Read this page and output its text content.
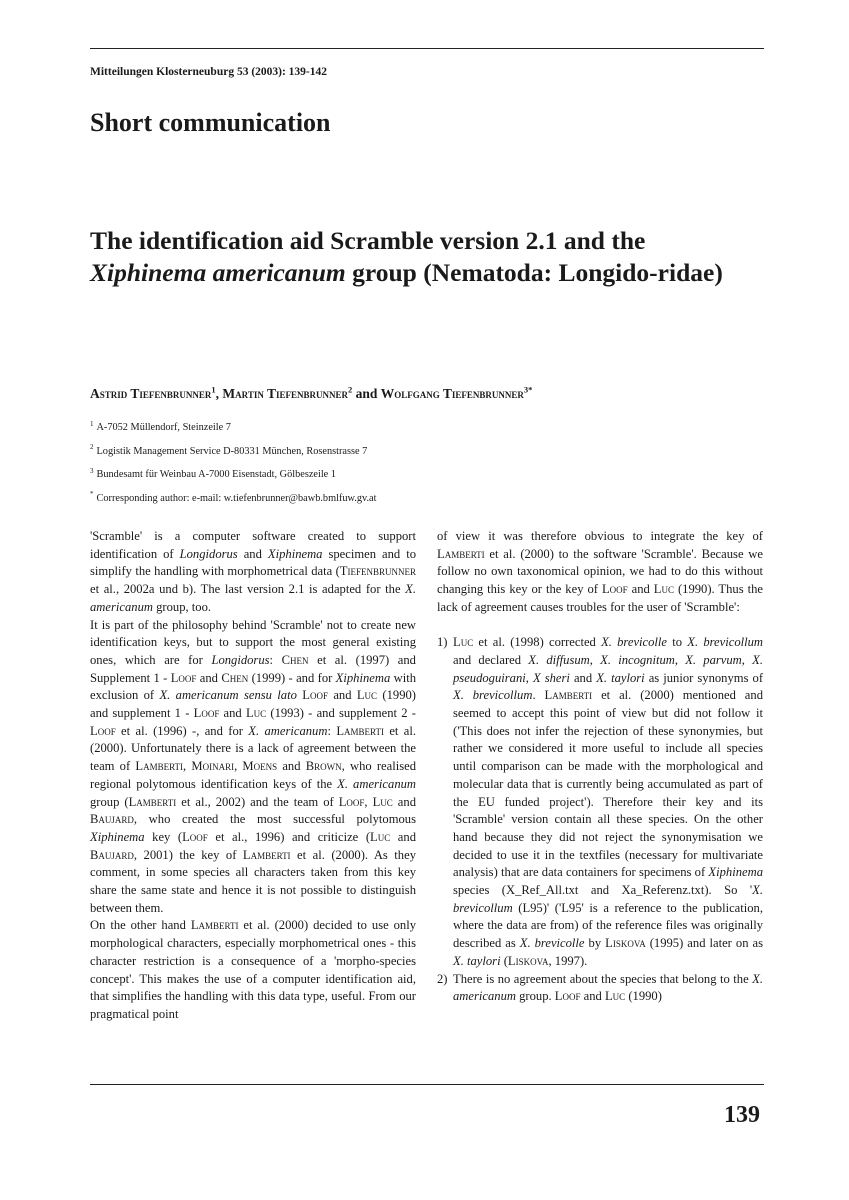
Mitteilungen Klosterneuburg 53 (2003): 139-142
Short communication
The identification aid Scramble version 2.1 and the Xiphinema americanum group (Nematoda: Longido-ridae)
Astrid Tiefenbrunner$^1$, Martin Tiefenbrunner$^2$ and Wolfgang Tiefenbrunner$^{3*}$
$^1$ A-7052 Müllendorf, Steinzeile 7
$^2$ Logistik Management Service D-80331 München, Rosenstrasse 7
$^3$ Bundesamt für Weinbau A-7000 Eisenstadt, Gölbeszeile 1
* Corresponding author: e-mail: w.tiefenbrunner@bawb.bmlfuw.gv.at

'Scramble' is a computer software created to support identification of Longidorus and Xiphinema specimen and to simplify the handling with morphometrical data (Tiefenbrunner et al., 2002a und b). The last version 2.1 is adapted for the X. americanum group, too.

It is part of the philosophy behind 'Scramble' not to create new identification keys, but to support the most general existing ones, which are for Longidorus: Chen et al. (1997) and Supplement 1 - Loof and Chen (1999) - and for Xiphinema with exclusion of X. americanum sensu lato Loof and Luc (1990) and supplement 1 - Loof and Luc (1993) - and supplement 2 - Loof et al. (1996) -, and for X. americanum: Lamberti et al. (2000). Unfortunately there is a lack of agreement between the team of Lamberti, Moinari, Moens and Brown, who realised regional polytomous identification keys of the X. americanum group (Lamberti et al., 2002) and the team of Loof, Luc and Baujard, who created the most successful polytomous Xiphinema key (Loof et al., 1996) and criticize (Luc and Baujard, 2001) the key of Lamberti et al. (2000). As they comment, in some species all characters taken from this key share the same state and hence it is not possible to distinguish between them.

On the other hand Lamberti et al. (2000) decided to use only morphological characters, especially morphometrical ones - this character restriction is a consequence of a 'morpho-species concept'. This makes the use of a computer identification aid, that simplifies the handling with this data type, useful. From our pragmatical point

of view it was therefore obvious to integrate the key of Lamberti et al. (2000) to the software 'Scramble'. Because we follow no own taxonomical opinion, we had to do this without changing this key or the key of Loof and Luc (1990). Thus the lack of agreement causes troubles for the user of 'Scramble':

1) Luc et al. (1998) corrected X. brevicolle to X. brevicollum and declared X. diffusum, X. incognitum, X. parvum, X. pseudoguirani, X sheri and X. taylori as junior synonyms of X. brevicollum. Lamberti et al. (2000) mentioned and seemed to accept this point of view but did not follow it ('This does not infer the rejection of these synonymies, but rather we considered it more useful to include all species until comparison can be made with the morphological and molecular data that is currently being accumulated as part of the EU funded project'). Therefore their key and its 'Scramble' version contain all these species. On the other hand because they did not reject the synonymisation we decided to use it in the textfiles (necessary for multivariate analysis) that are data containers for specimens of Xiphinema species (X_Ref_All.txt and Xa_Referenz.txt). So 'X. brevicollum (L95)' ('L95' is a reference to the publication, where the data are from) of the reference files was originally described as X. brevicolle by Liskova (1995) and later on as X. taylori (Liskova, 1997).
2) There is no agreement about the species that belong to the X. americanum group. Loof and Luc (1990)
139
